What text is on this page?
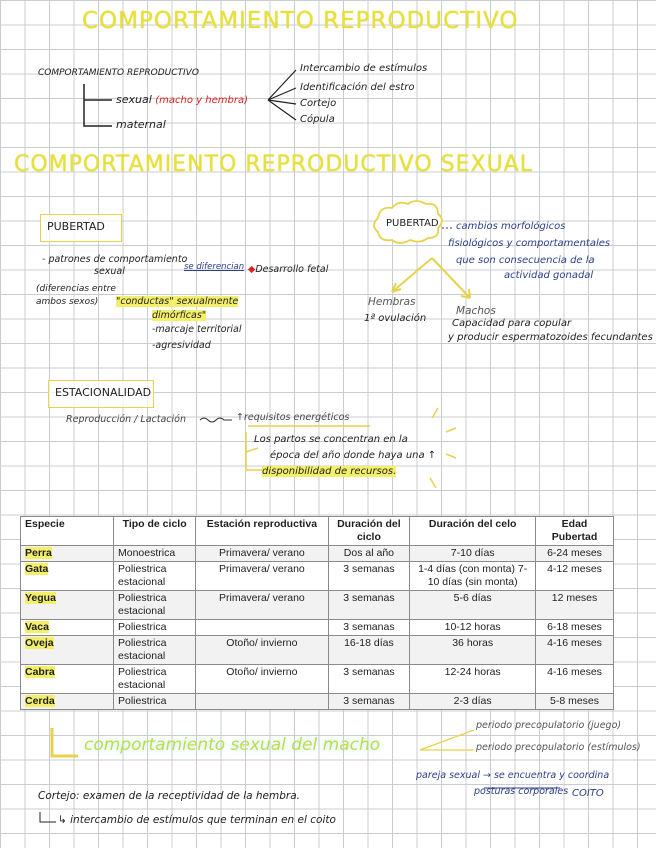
COMPORTAMIENTO REPRODUCTIVO
COMPORTAMIENTO REPRODUCTIVO
sexual (macho y hembra)
maternal
Intercambio de estímulos
Identificación del estro
Cortejo
Cópula
COMPORTAMIENTO REPRODUCTIVO SEXUAL
PUBERTAD
- patrones de comportamiento
sexual	se diferencian ◆Desarrollo fetal
(diferencias entre
ambos sexos) "conductas" sexualmente
dimórficas"
-marcaje territorial
-agresividad
PUBERTAD cambios morfológicos
fisiológicos y comportamentales
que son consecuencia de la
actividad gonadal
Hembras
1ª ovulación
Machos
Capacidad para copular
y producir espermatozoides fecundantes
ESTACIONALIDAD
Reproducción / Lactación	↑requisitos energéticos
Los partos se concentran en la
época del año donde haya una ↑
disponibilidad de recursos.
Especie	Tipo de ciclo	Estación reproductiva	Duración del ciclo	Duración del celo	Edad Pubertad
Perra	Monoestrica	Primavera/ verano	Dos al año	7-10 días	6-24 meses
Gata	Poliestrica estacional	Primavera/ verano	3 semanas	1-4 días (con monta) 7-10 días (sin monta)	4-12 meses
Yegua	Poliestrica estacional	Primavera/ verano	3 semanas	5-6 días	12 meses
Vaca	Poliestrica		3 semanas	10-12 horas	6-18 meses
Oveja	Poliestrica estacional	Otoño/ invierno	16-18 días	36 horas	4-16 meses
Cabra	Poliestrica estacional	Otoño/ invierno	3 semanas	12-24 horas	4-16 meses
Cerda	Poliestrica		3 semanas	2-3 días	5-8 meses
comportamiento sexual del macho
periodo precopulatorio (juego)
periodo precopulatorio (estímulos)
pareja sexual → se encuentra y coordina
posturas corporales COITO
Cortejo: examen de la receptividad de la hembra.
↳ intercambio de estímulos que terminan en el coito
